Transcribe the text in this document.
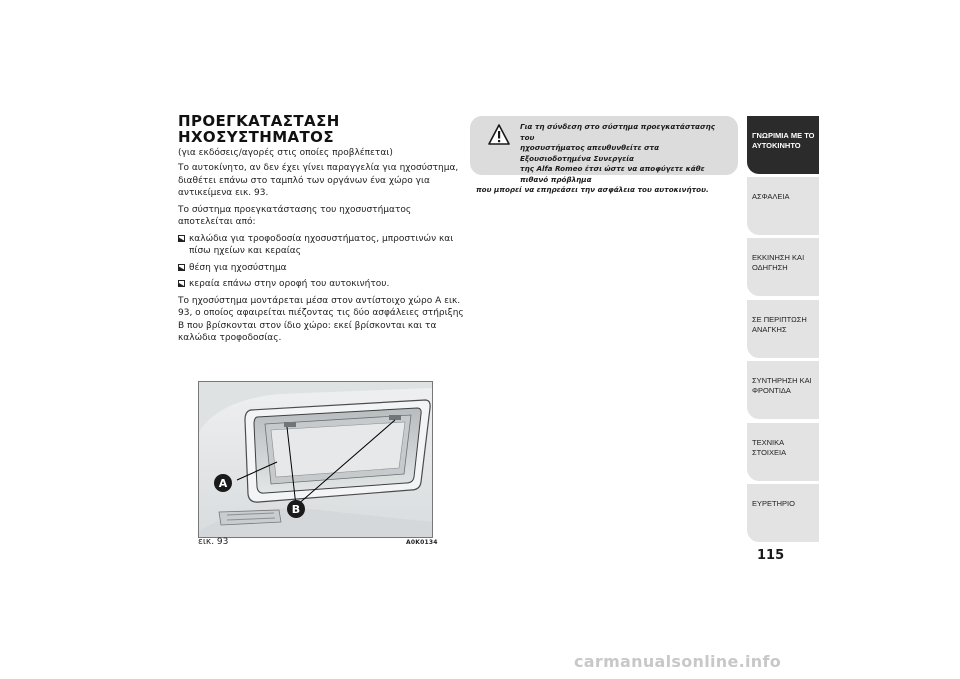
ΠΡΟΕΓΚΑΤΑΣΤΑΣΗ
ΗΧΟΣΥΣΤΗΜΑΤΟΣ
(για εκδόσεις/αγορές στις οποίες προβλέπεται)

Το αυτοκίνητο, αν δεν έχει γίνει παραγγελία για ηχοσύστημα, διαθέτει επάνω στο ταμπλό των οργάνων ένα χώρο για αντικείμενα εικ. 93.

Το σύστημα προεγκατάστασης του ηχοσυστήματος αποτελείται από:

καλώδια για τροφοδοσία ηχοσυστήματος, μπροστινών και πίσω ηχείων και κεραίας
θέση για ηχοσύστημα
κεραία επάνω στην οροφή του αυτοκινήτου.

Το ηχοσύστημα μοντάρεται μέσα στον αντίστοιχο χώρο A εικ. 93, ο οποίος αφαιρείται πιέζοντας τις δύο ασφάλειες στήριξης B που βρίσκονται στον ίδιο χώρο: εκεί βρίσκονται και τα καλώδια τροφοδοσίας.

A
B
εικ. 93	A0K0134
Για τη σύνδεση στο σύστημα προεγκατάστασης του
ηχοσυστήματος απευθυνθείτε στα Εξουσιοδοτημένα Συνεργεία
της Alfa Romeo έτσι ώστε να αποφύγετε κάθε πιθανό πρόβλημα
που μπορεί να επηρεάσει την ασφάλεια του αυτοκινήτου.
ΓΝΩΡΙΜΙΑ ΜΕ ΤΟ
ΑΥΤΟΚΙΝΗΤΟ
ΑΣΦΑΛΕΙΑ
ΕΚΚΙΝΗΣΗ ΚΑΙ
ΟΔΗΓΗΣΗ
ΣΕ ΠΕΡΙΠΤΩΣΗ
ΑΝΑΓΚΗΣ
ΣΥΝΤΗΡΗΣΗ ΚΑΙ
ΦΡΟΝΤΙΔΑ
ΤΕΧΝΙΚΑ ΣΤΟΙΧΕΙΑ
ΕΥΡΕΤΗΡΙΟ
115
carmanualsonline.info
